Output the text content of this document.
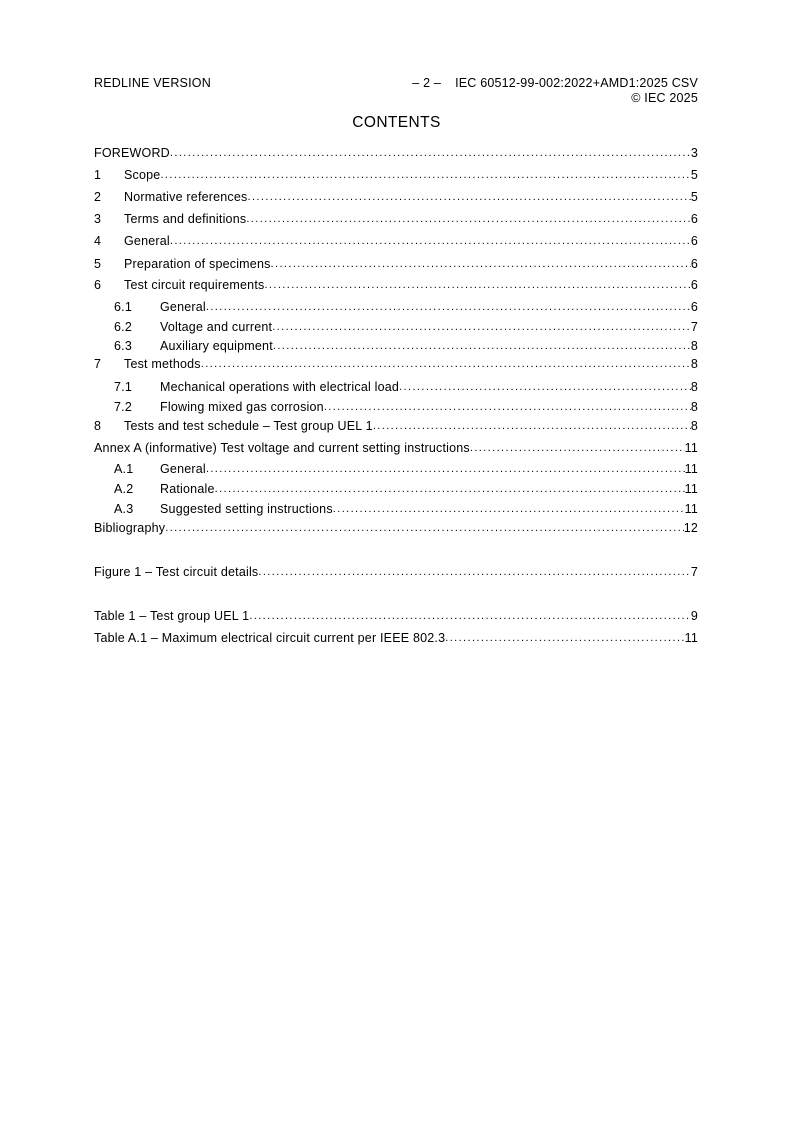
REDLINE VERSION	– 2 – IEC 60512-99-002:2022+AMD1:2025 CSV
© IEC 2025
CONTENTS
FOREWORD .....	3
1	Scope .....	5
2	Normative references .....	5
3	Terms and definitions .....	6
4	General .....	6
5	Preparation of specimens .....	6
6	Test circuit requirements .....	6
6.1	General .....	6
6.2	Voltage and current .....	7
6.3	Auxiliary equipment .....	8
7	Test methods .....	8
7.1	Mechanical operations with electrical load .....	8
7.2	Flowing mixed gas corrosion .....	8
8	Tests and test schedule – Test group UEL 1 .....	8
Annex A (informative) Test voltage and current setting instructions .....	11
A.1	General .....	11
A.2	Rationale .....	11
A.3	Suggested setting instructions .....	11
Bibliography .....	12
Figure 1 – Test circuit details .....	7
Table 1 – Test group UEL 1 .....	9
Table A.1 – Maximum electrical circuit current per IEEE 802.3 .....	11
